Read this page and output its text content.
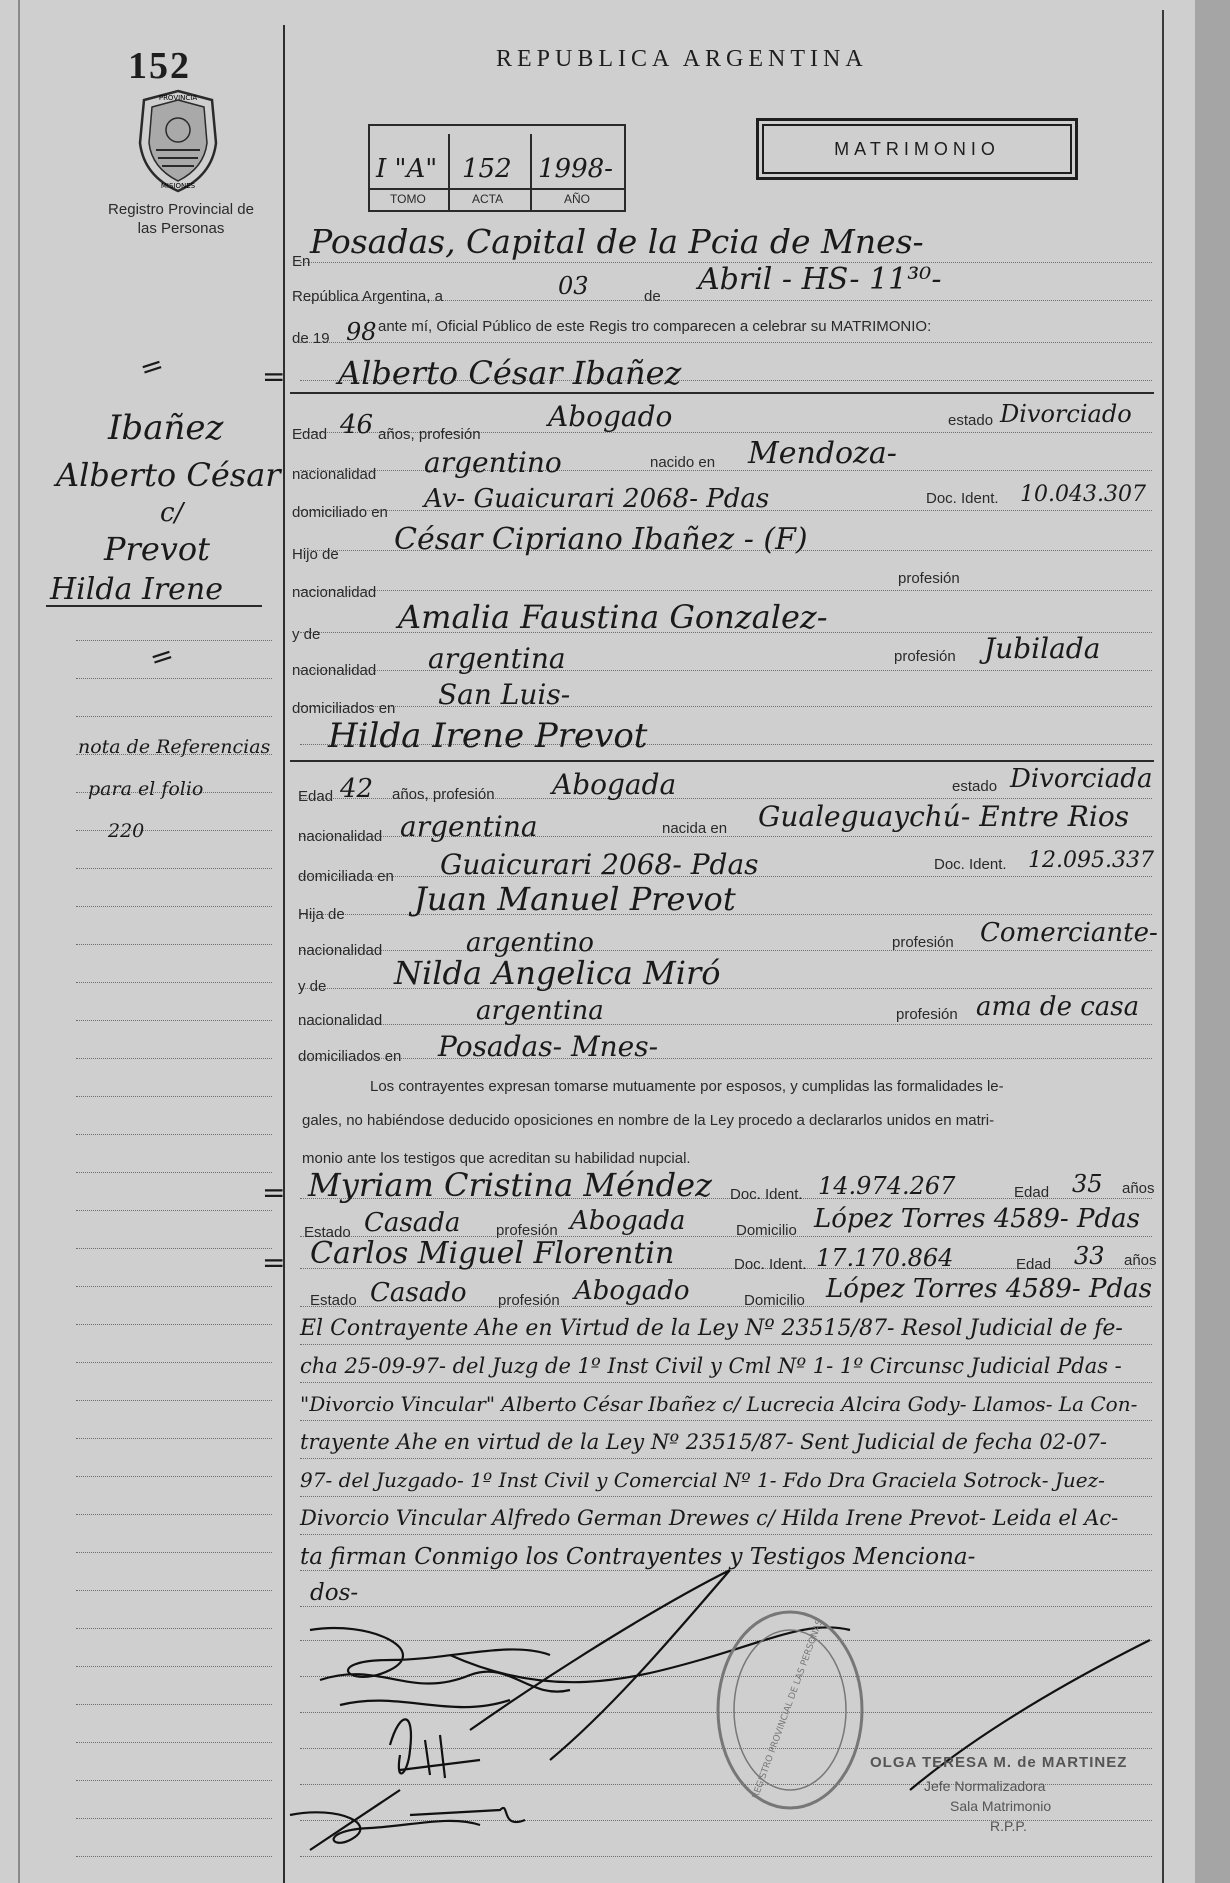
152
PROVINCIA
MISIONES
Registro Provincial de las Personas
REPUBLICA ARGENTINA
I "A" 152 1998-
TOMO	ACTA	AÑO
MATRIMONIO
En
Posadas, Capital de la Pcia de Mnes-
República Argentina, a	03	de Abril - HS- 11³⁰-
de 19 98 ante mí, Oficial Público de este Regis tro comparecen a celebrar su MATRIMONIO:
=
Ibañez
Alberto César
c/
Prevot
Hilda Irene
=
nota de Referencias
para el folio
220
= Alberto César Ibañez
Edad 46 años, profesión
Abogado	estado Divorciado
nacionalidad argentino	nacido en Mendoza-
domiciliado en Av- Guaicurari 2068- Pdas	Doc. Ident. 10.043.307
Hijo de César Cipriano Ibañez - (F)
nacionalidad
profesión
y de Amalia Faustina Gonzalez-
nacionalidad argentina	profesión Jubilada
domiciliados en San Luis-
Hilda Irene Prevot
Edad 42 años, profesión Abogada	estado Divorciada
nacionalidad argentina	nacida en Gualeguaychú- Entre Rios
domiciliada en Guaicurari 2068- Pdas	Doc. Ident. 12.095.337
Hija de Juan Manuel Prevot
nacionalidad	argentino	profesión Comerciante-
y de Nilda Angelica Miró
nacionalidad	argentina	profesión ama de casa
domiciliados en Posadas- Mnes-
Los contrayentes expresan tomarse mutuamente por esposos, y cumplidas las formalidades le-
gales, no habiéndose deducido oposiciones en nombre de la Ley procedo a declararlos unidos en matri-
monio ante los testigos que acreditan su habilidad nupcial.
= Myriam Cristina Méndez Doc. Ident. 14.974.267	Edad 35 años
Estado Casada profesión Abogada	Domicilio López Torres 4589- Pdas
= Carlos Miguel Florentin	Doc. Ident. 17.170.864	Edad 33 años
Estado Casado profesión Abogado	Domicilio López Torres 4589- Pdas
El Contrayente Ahe en Virtud de la Ley Nº 23515/87- Resol Judicial de fe-
cha 25-09-97- del Juzg de 1º Inst Civil y Cml Nº 1- 1º Circunsc Judicial Pdas -
"Divorcio Vincular" Alberto César Ibañez c/ Lucrecia Alcira Gody- Llamos- La Con-
trayente Ahe en virtud de la Ley Nº 23515/87- Sent Judicial de fecha 02-07-
97- del Juzgado- 1º Inst Civil y Comercial Nº 1- Fdo Dra Graciela Sotrock- Juez-
Divorcio Vincular Alfredo German Drewes c/ Hilda Irene Prevot- Leida el Ac-
ta firman Conmigo los Contrayentes y Testigos Menciona-
dos-
REGISTRO PROVINCIAL DE LAS PERSONAS	OLGA TERESA M. de MARTINEZ
Jefe Normalizadora
Sala Matrimonio
R.P.P.
